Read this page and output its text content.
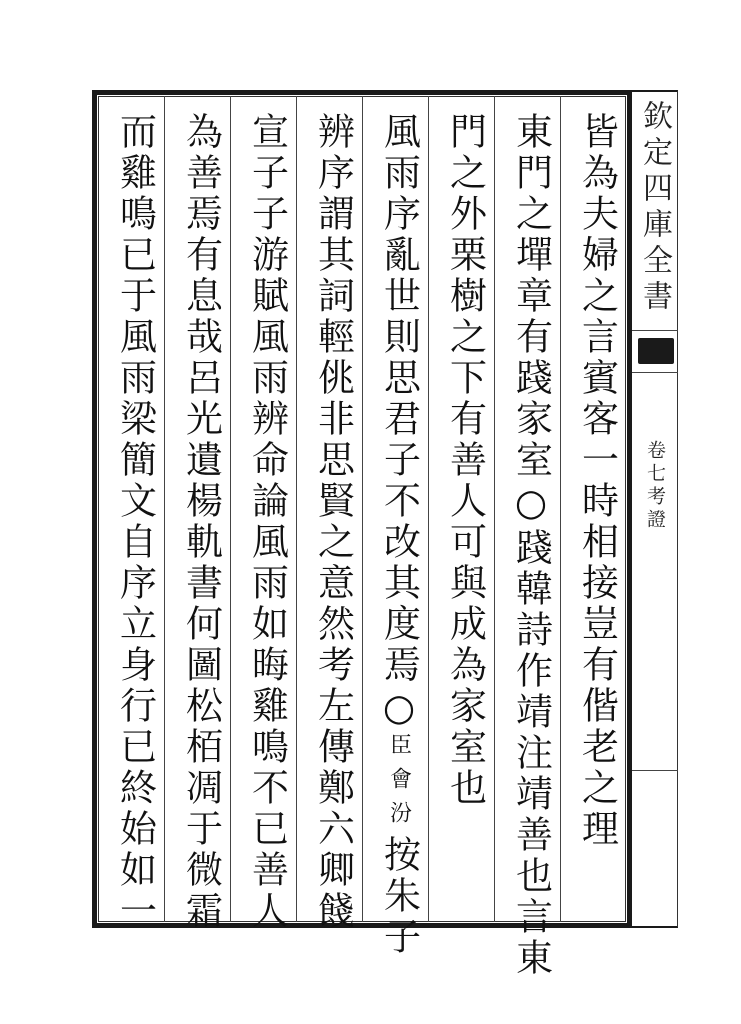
皆為夫婦之言賓客一時相接豈有偕老之理
東門之墠章有踐家室○踐韓詩作靖注靖善也言東
門之外栗樹之下有善人可與成為家室也
風雨序亂世則思君子不改其度焉○
臣會汾
按朱子
辨序謂其詞輕佻非思賢之意然考左傳鄭六卿餞
宣子子游賦風雨辨命論風雨如晦雞鳴不已善人
為善焉有息哉呂光遺楊軌書何圖松栢凋于微霜
而雞鳴已于風雨梁簡文自序立身行已終始如一	欽定四庫全書
卷七考證
